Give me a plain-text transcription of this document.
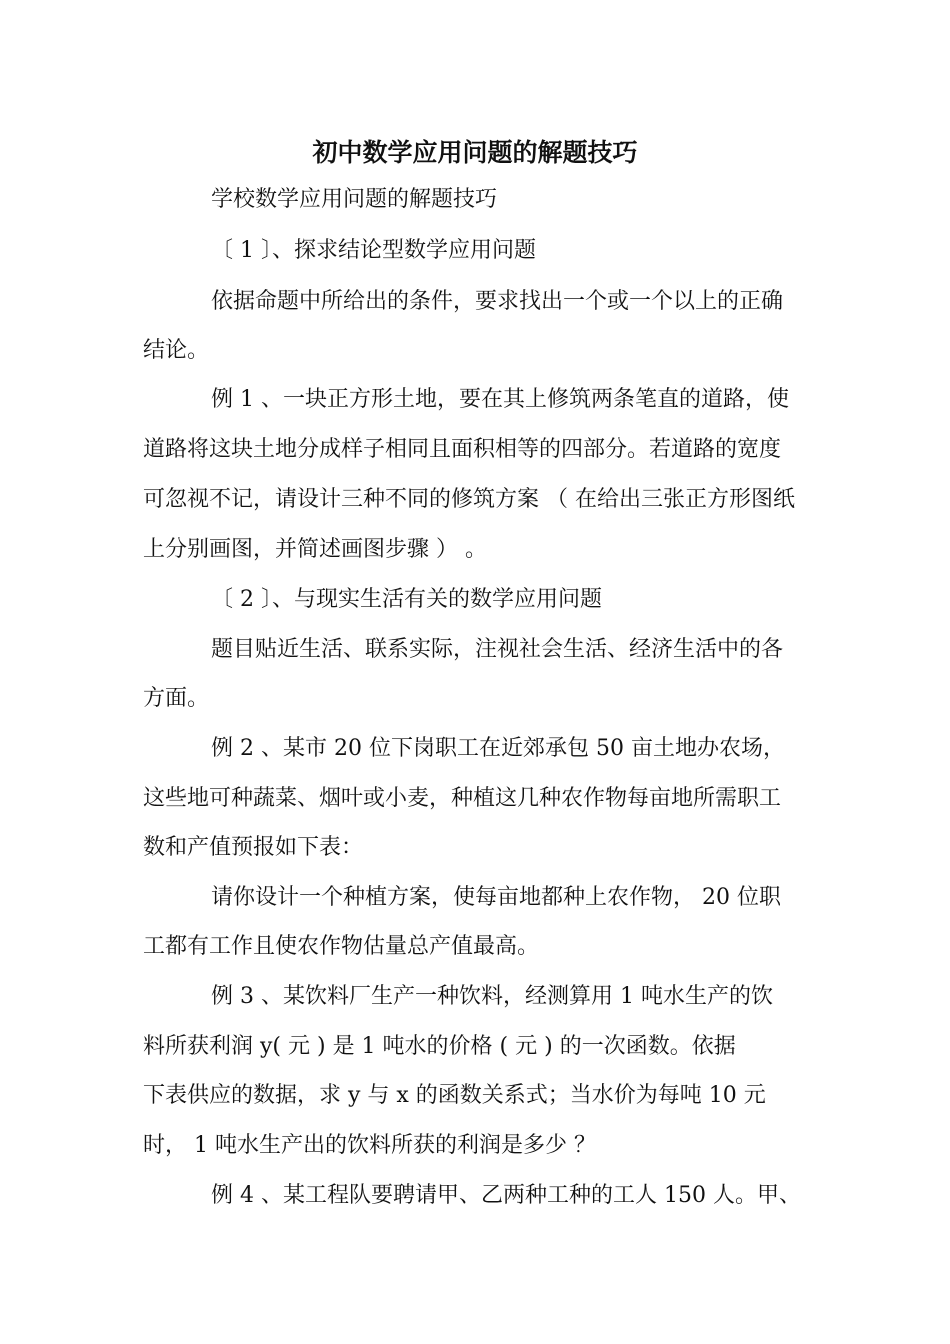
初中数学应用问题的解题技巧
学校数学应用问题的解题技巧
〔 1 〕、探求结论型数学应用问题
依据命题中所给出的条件，要求找出一个或一个以上的正确
结论。
例 1 、一块正方形土地，要在其上修筑两条笔直的道路，使
道路将这块土地分成样子相同且面积相等的四部分。若道路的宽度
可忽视不记，请设计三种不同的修筑方案 （ 在给出三张正方形图纸
上分别画图，并简述画图步骤 ） 。
〔 2 〕、与现实生活有关的数学应用问题
题目贴近生活、联系实际，注视社会生活、经济生活中的各
方面。
例 2 、某市 20 位下岗职工在近郊承包 50 亩土地办农场，
这些地可种蔬菜、烟叶或小麦，种植这几种农作物每亩地所需职工
数和产值预报如下表：
请你设计一个种植方案，使每亩地都种上农作物， 20 位职
工都有工作且使农作物估量总产值最高。
例 3 、某饮料厂生产一种饮料，经测算用 1 吨水生产的饮
料所获利润 y( 元 ) 是 1 吨水的价格 ( 元 ) 的一次函数。依据
下表供应的数据，求 y 与 x 的函数关系式；当水价为每吨 10 元
时， 1 吨水生产出的饮料所获的利润是多少 ？
例 4 、某工程队要聘请甲、乙两种工种的工人 150 人。甲、
